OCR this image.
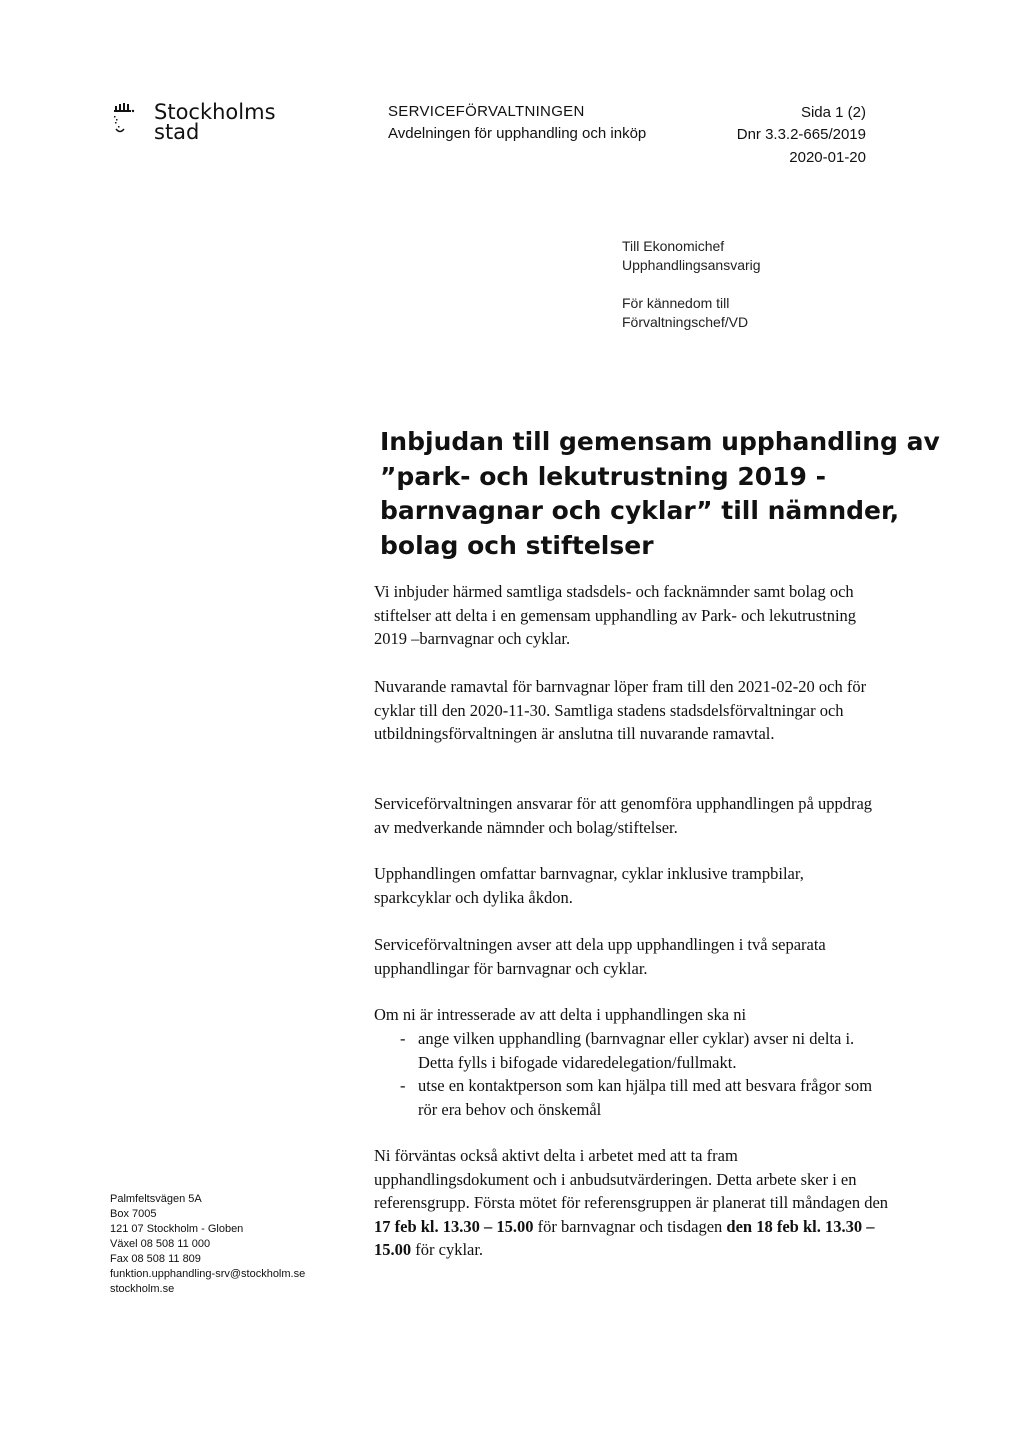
Stockholms
stad
SERVICEFÖRVALTNINGEN
Avdelningen för upphandling och inköp
Sida 1 (2)
Dnr 3.3.2-665/2019
2020-01-20
Till Ekonomichef
Upphandlingsansvarig
För kännedom till
Förvaltningschef/VD
Inbjudan till gemensam upphandling av ”park- och lekutrustning 2019 - barnvagnar och cyklar” till nämnder, bolag och stiftelser
Vi inbjuder härmed samtliga stadsdels- och facknämnder samt bolag och stiftelser att delta i en gemensam upphandling av Park- och lekutrustning 2019 –barnvagnar och cyklar.
Nuvarande ramavtal för barnvagnar löper fram till den 2021-02-20 och för cyklar till den 2020-11-30. Samtliga stadens stadsdelsförvaltningar och utbildningsförvaltningen är anslutna till nuvarande ramavtal.
Serviceförvaltningen ansvarar för att genomföra upphandlingen på uppdrag av medverkande nämnder och bolag/stiftelser.
Upphandlingen omfattar barnvagnar, cyklar inklusive trampbilar, sparkcyklar och dylika åkdon.
Serviceförvaltningen avser att dela upp upphandlingen i två separata upphandlingar för barnvagnar och cyklar.
Om ni är intresserade av att delta i upphandlingen ska ni
- ange vilken upphandling (barnvagnar eller cyklar) avser ni delta i. Detta fylls i bifogade vidaredelegation/fullmakt.
- utse en kontaktperson som kan hjälpa till med att besvara frågor som rör era behov och önskemål
Ni förväntas också aktivt delta i arbetet med att ta fram upphandlingsdokument och i anbudsutvärderingen. Detta arbete sker i en referensgrupp. Första mötet för referensgruppen är planerat till måndagen den 17 feb kl. 13.30 – 15.00 för barnvagnar och tisdagen den 18 feb kl. 13.30 – 15.00 för cyklar.
Palmfeltsvägen 5A
Box 7005
121 07 Stockholm - Globen
Växel 08 508 11 000
Fax 08 508 11 809
funktion.upphandling-srv@stockholm.se
stockholm.se
